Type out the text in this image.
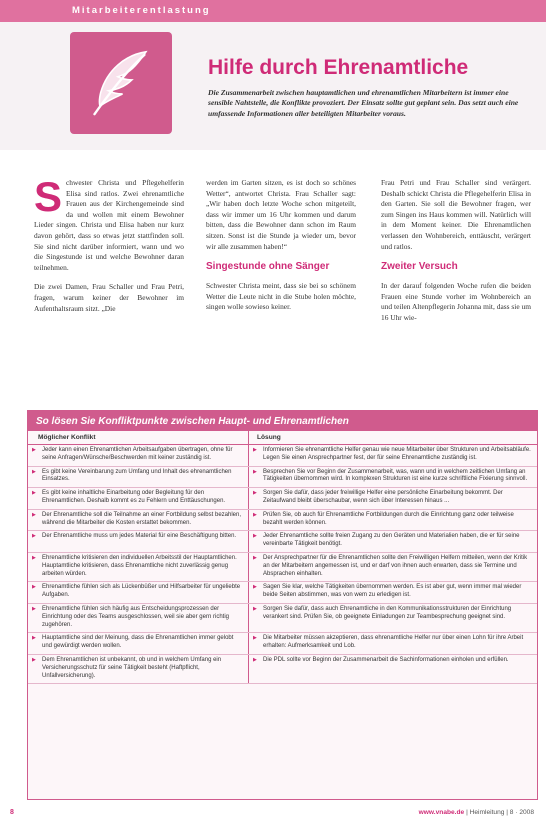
Mitarbeiterentlastung
Hilfe durch Ehrenamtliche
Die Zusammenarbeit zwischen hauptamtlichen und ehrenamtlichen Mitarbeitern ist immer eine sensible Nahtstelle, die Konflikte provoziert. Der Einsatz sollte gut geplant sein. Das setzt auch eine umfassende Informationen aller beteiligten Mitarbeiter voraus.

Schwester Christa und Pflegehelferin Elisa sind ratlos. Zwei ehrenamtliche Frauen aus der Kirchengemeinde sind da und wollen mit einem Bewohner Lieder singen. Christa und Elisa haben nur kurz davon gehört, dass so etwas jetzt stattfinden soll. Sie sind nicht darüber informiert, wann und wo die Singestunde ist und welche Bewohner daran teilnehmen.

Die zwei Damen, Frau Schaller und Frau Petri, fragen, warum keiner der Bewohner im Aufenthaltsraum sitzt. „Die

werden im Garten sitzen, es ist doch so schönes Wetter“, antwortet Christa. Frau Schaller sagt: „Wir haben doch letzte Woche schon mitgeteilt, dass wir immer um 16 Uhr kommen und darum bitten, dass die Bewohner dann schon im Raum sitzen. Sonst ist die Stunde ja wieder um, bevor wir alle zusammen haben!“

Singestunde ohne Sänger

Schwester Christa meint, dass sie bei so schönem Wetter die Leute nicht in die Stube holen möchte, singen wolle sowieso keiner.

Frau Petri und Frau Schaller sind verärgert. Deshalb schickt Christa die Pflegehelferin Elisa in den Garten. Sie soll die Bewohner fragen, wer zum Singen ins Haus kommen will. Natürlich will in dem Moment keiner. Die Ehrenamtlichen verlassen den Wohnbereich, enttäuscht, verärgert und ratlos.

Zweiter Versuch

In der darauf folgenden Woche rufen die beiden Frauen eine Stunde vorher im Wohnbereich an und teilen Altenpflegerin Johanna mit, dass sie um 16 Uhr wie-

So lösen Sie Konfliktpunkte zwischen Haupt- und Ehrenamtlichen
Möglicher Konflikt	Lösung
▶ Jeder kann einen Ehrenamtlichen Arbeitsaufgaben übertragen, ohne für seine Anfragen/Wünsche/Beschwerden mit keiner zuständig ist.
▶ Informieren Sie ehrenamtliche Helfer genau wie neue Mitarbeiter über Strukturen und Arbeitsabläufe. Legen Sie einen Ansprechpartner fest, der für seine Ehrenamtliche zuständig ist.
▶ Es gibt keine Vereinbarung zum Umfang und Inhalt des ehrenamtlichen Einsatzes.
▶ Besprechen Sie vor Beginn der Zusammenarbeit, was, wann und in welchem zeitlichen Umfang an Tätigkeiten übernommen wird. In komplexen Strukturen ist eine kurze schriftliche Fixierung sinnvoll.
▶ Es gibt keine inhaltliche Einarbeitung oder Begleitung für den Ehrenamtlichen. Deshalb kommt es zu Fehlern und Enttäuschungen.
▶ Sorgen Sie dafür, dass jeder freiwillige Helfer eine persönliche Einarbeitung bekommt. Der Zeitaufwand bleibt überschaubar, wenn sich über Interessen hinaus ...
▶ Der Ehrenamtliche soll die Teilnahme an einer Fortbildung selbst bezahlen, während die Mitarbeiter die Kosten erstattet bekommen.
▶ Prüfen Sie, ob auch für Ehrenamtliche Fortbildungen durch die Einrichtung ganz oder teilweise bezahlt werden können.
▶ Der Ehrenamtliche muss um jedes Material für eine Beschäftigung bitten.
▶	Jeder Ehrenamtliche sollte freien Zugang zu den Geräten und Materialien haben, die er für seine vereinbarte Tätigkeit benötigt.
▶ Ehrenamtliche kritisieren den individuellen Arbeitsstil der Hauptamtlichen. Hauptamtliche kritisieren, dass Ehrenamtliche nicht zuverlässig genug arbeiten würden.
▶ Der Ansprechpartner für die Ehrenamtlichen sollte den Freiwilligen Helfern mitteilen, wenn der Kritik an der Mitarbeitern angemessen ist, und er darf von ihnen auch erwarten, dass sie Termine und Absprachen einhalten.
▶ Ehrenamtliche fühlen sich als Lückenbüßer und Hilfsarbeiter für ungeliebte Aufgaben.
▶ Sagen Sie klar, welche Tätigkeiten übernommen werden. Es ist aber gut, wenn immer mal wieder beide Seiten abstimmen, was von wem zu erledigen ist.
▶ Ehrenamtliche fühlen sich häufig aus Entscheidungsprozessen der Einrichtung oder des Teams ausgeschlossen, weil sie aber gern richtig zugehören.
▶ Sorgen Sie dafür, dass auch Ehrenamtliche in den Kommunikationsstrukturen der Einrichtung verankert sind. Prüfen Sie, ob geeignete Einladungen zur Teambesprechung geeignet sind.
▶ Hauptamtliche sind der Meinung, dass die Ehrenamtlichen immer gelobt und gewürdigt werden wollen.
▶ Die Mitarbeiter müssen akzeptieren, dass ehrenamtliche Helfer nur über einen Lohn für ihre Arbeit erhalten: Aufmerksamkeit und Lob.
▶ Dem Ehrenamtlichen ist unbekannt, ob und in welchem Umfang ein Versicherungsschutz für seine Tätigkeit besteht (Haftpflicht, Unfallversicherung).
▶ Die PDL sollte vor Beginn der Zusammenarbeit die Sachinformationen einholen und erfüllen.
8	www.vnabe.de | Heimleitung | 8 · 2008
